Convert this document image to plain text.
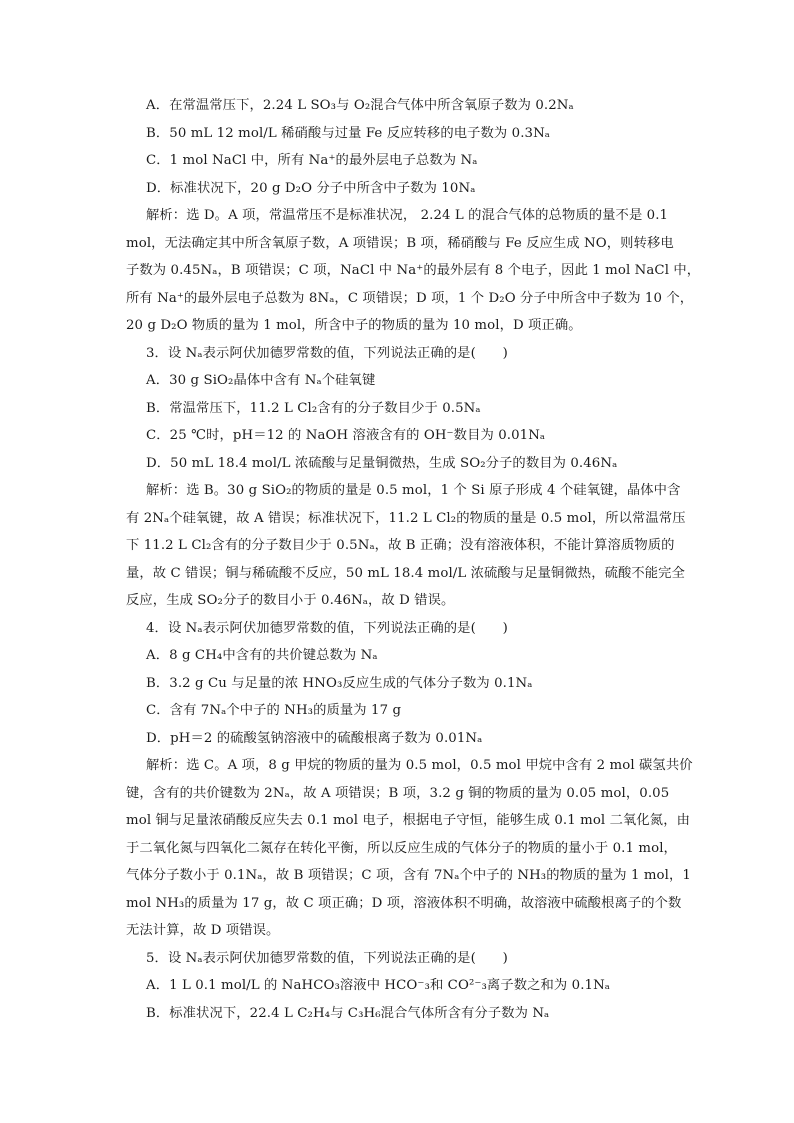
A．在常温常压下，2.24 L SO₃与 O₂混合气体中所含氧原子数为 0.2Nₐ
B．50 mL 12 mol/L 稀硝酸与过量 Fe 反应转移的电子数为 0.3Nₐ
C．1 mol NaCl 中，所有 Na⁺的最外层电子总数为 Nₐ
D．标准状况下，20 g D₂O 分子中所含中子数为 10Nₐ
解析：选 D。A 项，常温常压不是标准状况， 2.24 L 的混合气体的总物质的量不是 0.1
mol，无法确定其中所含氧原子数，A 项错误；B 项，稀硝酸与 Fe 反应生成 NO，则转移电
子数为 0.45Nₐ，B 项错误；C 项，NaCl 中 Na⁺的最外层有 8 个电子，因此 1 mol NaCl 中，
所有 Na⁺的最外层电子总数为 8Nₐ，C 项错误；D 项，1 个 D₂O 分子中所含中子数为 10 个，
20 g D₂O 物质的量为 1 mol，所含中子的物质的量为 10 mol，D 项正确。
3．设 Nₐ表示阿伏加德罗常数的值，下列说法正确的是(　　)
A．30 g SiO₂晶体中含有 Nₐ个硅氧键
B．常温常压下，11.2 L Cl₂含有的分子数目少于 0.5Nₐ
C．25 ℃时，pH＝12 的 NaOH 溶液含有的 OH⁻数目为 0.01Nₐ
D．50 mL 18.4 mol/L 浓硫酸与足量铜微热，生成 SO₂分子的数目为 0.46Nₐ
解析：选 B。30 g SiO₂的物质的量是 0.5 mol，1 个 Si 原子形成 4 个硅氧键，晶体中含
有 2Nₐ个硅氧键，故 A 错误；标准状况下，11.2 L Cl₂的物质的量是 0.5 mol，所以常温常压
下 11.2 L Cl₂含有的分子数目少于 0.5Nₐ，故 B 正确；没有溶液体积，不能计算溶质物质的
量，故 C 错误；铜与稀硫酸不反应，50 mL 18.4 mol/L 浓硫酸与足量铜微热，硫酸不能完全
反应，生成 SO₂分子的数目小于 0.46Nₐ，故 D 错误。
4．设 Nₐ表示阿伏加德罗常数的值，下列说法正确的是(　　)
A．8 g CH₄中含有的共价键总数为 Nₐ
B．3.2 g Cu 与足量的浓 HNO₃反应生成的气体分子数为 0.1Nₐ
C．含有 7Nₐ个中子的 NH₃的质量为 17 g
D．pH＝2 的硫酸氢钠溶液中的硫酸根离子数为 0.01Nₐ
解析：选 C。A 项，8 g 甲烷的物质的量为 0.5 mol，0.5 mol 甲烷中含有 2 mol 碳氢共价
键，含有的共价键数为 2Nₐ，故 A 项错误；B 项，3.2 g 铜的物质的量为 0.05 mol，0.05
mol 铜与足量浓硝酸反应失去 0.1 mol 电子，根据电子守恒，能够生成 0.1 mol 二氧化氮，由
于二氧化氮与四氧化二氮存在转化平衡，所以反应生成的气体分子的物质的量小于 0.1 mol，
气体分子数小于 0.1Nₐ，故 B 项错误；C 项，含有 7Nₐ个中子的 NH₃的物质的量为 1 mol，1
mol NH₃的质量为 17 g，故 C 项正确；D 项，溶液体积不明确，故溶液中硫酸根离子的个数
无法计算，故 D 项错误。
5．设 Nₐ表示阿伏加德罗常数的值，下列说法正确的是(　　)
A．1 L 0.1 mol/L 的 NaHCO₃溶液中 HCO⁻₃和 CO²⁻₃离子数之和为 0.1Nₐ
B．标准状况下，22.4 L C₂H₄与 C₃H₆混合气体所含有分子数为 Nₐ
